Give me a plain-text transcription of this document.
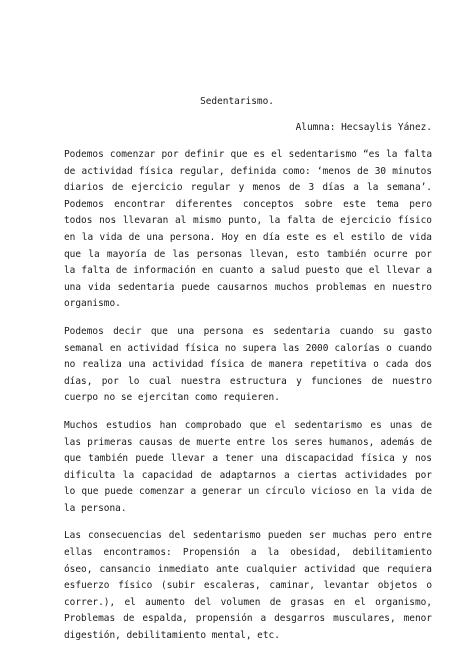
Sedentarismo.

Alumna: Hecsaylis Yánez.

Podemos comenzar por definir que es el sedentarismo “es la falta de actividad física regular, definida como: ‘menos de 30 minutos diarios de ejercicio regular y menos de 3 días a la semana’. Podemos encontrar diferentes conceptos sobre este tema pero todos nos llevaran al mismo punto, la falta de ejercicio físico en la vida de una persona. Hoy en día este es el estilo de vida que la mayoría de las personas llevan, esto también ocurre por la falta de información en cuanto a salud puesto que el llevar a una vida sedentaria puede causarnos muchos problemas en nuestro organismo.

Podemos decir que una persona es sedentaria cuando su gasto semanal en actividad física no supera las 2000 calorías o cuando no realiza una actividad física de manera repetitiva o cada dos días, por lo cual nuestra estructura y funciones de nuestro cuerpo no se ejercitan como requieren.

Muchos estudios han comprobado que el sedentarismo es unas de las primeras causas de muerte entre los seres humanos, además de que también puede llevar a tener una discapacidad física y nos dificulta la capacidad de adaptarnos a ciertas actividades por lo que puede comenzar a generar un círculo vicioso en la vida de la persona.

Las consecuencias del sedentarismo pueden ser muchas pero entre ellas encontramos: Propensión a la obesidad, debilitamiento óseo, cansancio inmediato ante cualquier actividad que requiera esfuerzo físico (subir escaleras, caminar, levantar objetos o correr.), el aumento del volumen de grasas en el organismo, Problemas de espalda, propensión a desgarros musculares, menor digestión, debilitamiento mental, etc.
